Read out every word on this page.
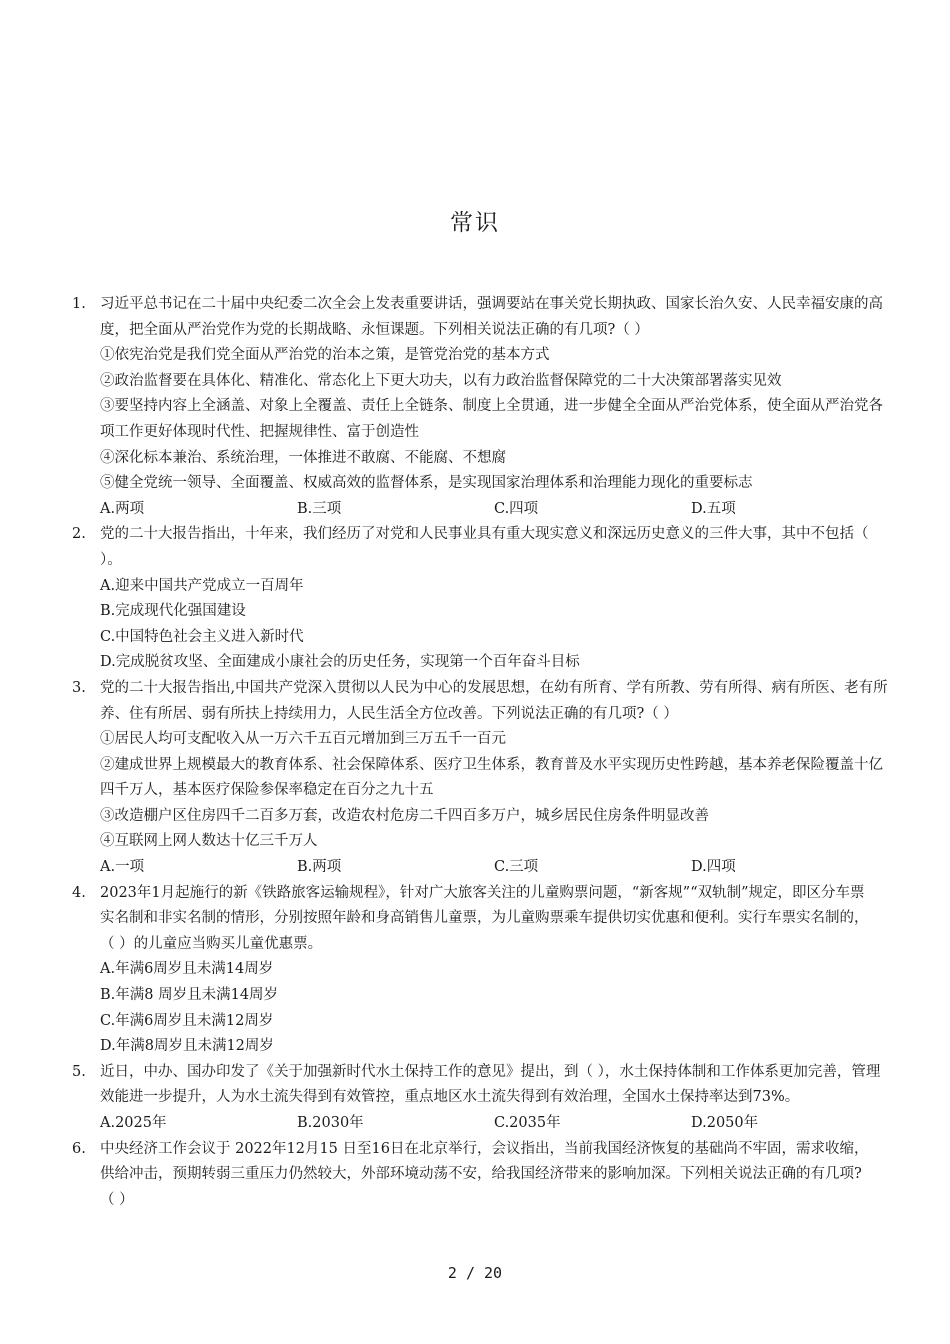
常识
1. 习近平总书记在二十届中央纪委二次全会上发表重要讲话，强调要站在事关党长期执政、国家长治久安、人民幸福安康的高度，把全面从严治党作为党的长期战略、永恒课题。下列相关说法正确的有几项?（ ）
①依宪治党是我们党全面从严治党的治本之策，是管党治党的基本方式
②政治监督要在具体化、精准化、常态化上下更大功夫，以有力政治监督保障党的二十大决策部署落实见效
③要坚持内容上全涵盖、对象上全覆盖、责任上全链条、制度上全贯通，进一步健全全面从严治党体系，使全面从严治党各项工作更好体现时代性、把握规律性、富于创造性
④深化标本兼治、系统治理，一体推进不敢腐、不能腐、不想腐
⑤健全党统一领导、全面覆盖、权威高效的监督体系，是实现国家治理体系和治理能力现化的重要标志
A.两项	B.三项	C.四项	D.五项
2. 党的二十大报告指出，十年来，我们经历了对党和人民事业具有重大现实意义和深远历史意义的三件大事，其中不包括（ ）。
A.迎来中国共产党成立一百周年
B.完成现代化强国建设
C.中国特色社会主义进入新时代
D.完成脱贫攻坚、全面建成小康社会的历史任务，实现第一个百年奋斗目标
3. 党的二十大报告指出,中国共产党深入贯彻以人民为中心的发展思想，在幼有所育、学有所教、劳有所得、病有所医、老有所养、住有所居、弱有所扶上持续用力，人民生活全方位改善。下列说法正确的有几项?（ ）
①居民人均可支配收入从一万六千五百元增加到三万五千一百元
②建成世界上规模最大的教育体系、社会保障体系、医疗卫生体系，教育普及水平实现历史性跨越，基本养老保险覆盖十亿四千万人，基本医疗保险参保率稳定在百分之九十五
③改造棚户区住房四千二百多万套，改造农村危房二千四百多万户，城乡居民住房条件明显改善
④互联网上网人数达十亿三千万人
A.一项	B.两项	C.三项	D.四项
4. 2023年1月起施行的新《铁路旅客运输规程》，针对广大旅客关注的儿童购票问题，“新客规”“双轨制”规定，即区分车票实名制和非实名制的情形，分别按照年龄和身高销售儿童票，为儿童购票乘车提供切实优惠和便利。实行车票实名制的，（ ）的儿童应当购买儿童优惠票。
A.年满6周岁且未满14周岁
B.年满8 周岁且未满14周岁
C.年满6周岁且未满12周岁
D.年满8周岁且未满12周岁
5. 近日，中办、国办印发了《关于加强新时代水土保持工作的意见》提出，到（ ），水土保持体制和工作体系更加完善，管理效能进一步提升，人为水土流失得到有效管控，重点地区水土流失得到有效治理，全国水土保持率达到73%。
A.2025年	B.2030年	C.2035年	D.2050年
6. 中央经济工作会议于 2022年12月15 日至16日在北京举行，会议指出，当前我国经济恢复的基础尚不牢固，需求收缩，供给冲击，预期转弱三重压力仍然较大，外部环境动荡不安，给我国经济带来的影响加深。下列相关说法正确的有几项?（ ）
2 / 20
